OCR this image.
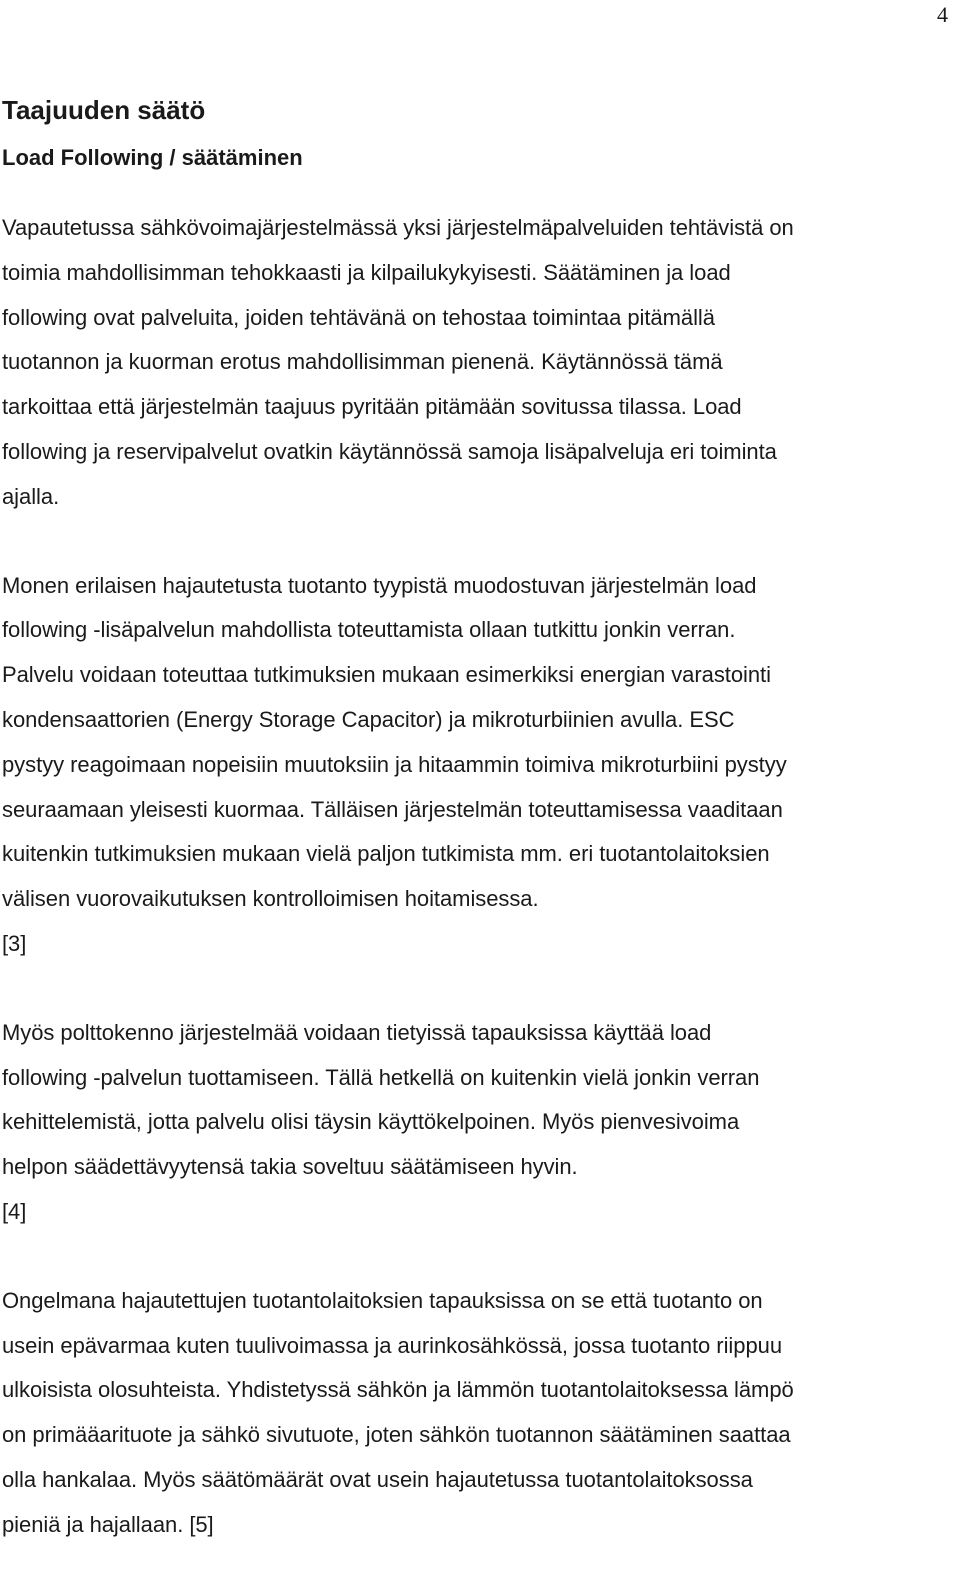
4
Taajuuden säätö
Load Following / säätäminen

Vapautetussa sähkövoimajärjestelmässä yksi järjestelmäpalveluiden tehtävistä on
toimia mahdollisimman tehokkaasti ja kilpailukykyisesti. Säätäminen ja load
following ovat palveluita, joiden tehtävänä on tehostaa toimintaa pitämällä
tuotannon ja kuorman erotus mahdollisimman pienenä. Käytännössä tämä
tarkoittaa että järjestelmän taajuus pyritään pitämään sovitussa tilassa. Load
following ja reservipalvelut ovatkin käytännössä samoja lisäpalveluja eri toiminta
ajalla.

Monen erilaisen hajautetusta tuotanto tyypistä muodostuvan järjestelmän load
following -lisäpalvelun mahdollista toteuttamista ollaan tutkittu jonkin verran.
Palvelu voidaan toteuttaa tutkimuksien mukaan esimerkiksi energian varastointi
kondensaattorien (Energy Storage Capacitor) ja mikroturbiinien avulla. ESC
pystyy reagoimaan nopeisiin muutoksiin ja hitaammin toimiva mikroturbiini pystyy
seuraamaan yleisesti kuormaa. Tälläisen järjestelmän toteuttamisessa vaaditaan
kuitenkin tutkimuksien mukaan vielä paljon tutkimista mm. eri tuotantolaitoksien
välisen vuorovaikutuksen kontrolloimisen hoitamisessa.
[3]

Myös polttokenno järjestelmää voidaan tietyissä tapauksissa käyttää load
following -palvelun tuottamiseen. Tällä hetkellä on kuitenkin vielä jonkin verran
kehittelemistä, jotta palvelu olisi täysin käyttökelpoinen. Myös pienvesivoima
helpon säädettävyytensä takia soveltuu säätämiseen hyvin.
[4]

Ongelmana hajautettujen tuotantolaitoksien tapauksissa on se että tuotanto on
usein epävarmaa kuten tuulivoimassa ja aurinkosähkössä, jossa tuotanto riippuu
ulkoisista olosuhteista. Yhdistetyssä sähkön ja lämmön tuotantolaitoksessa lämpö
on primääarituote ja sähkö sivutuote, joten sähkön tuotannon säätäminen saattaa
olla hankalaa. Myös säätömäärät ovat usein hajautetussa tuotantolaitoksossa
pieniä ja hajallaan. [5]
